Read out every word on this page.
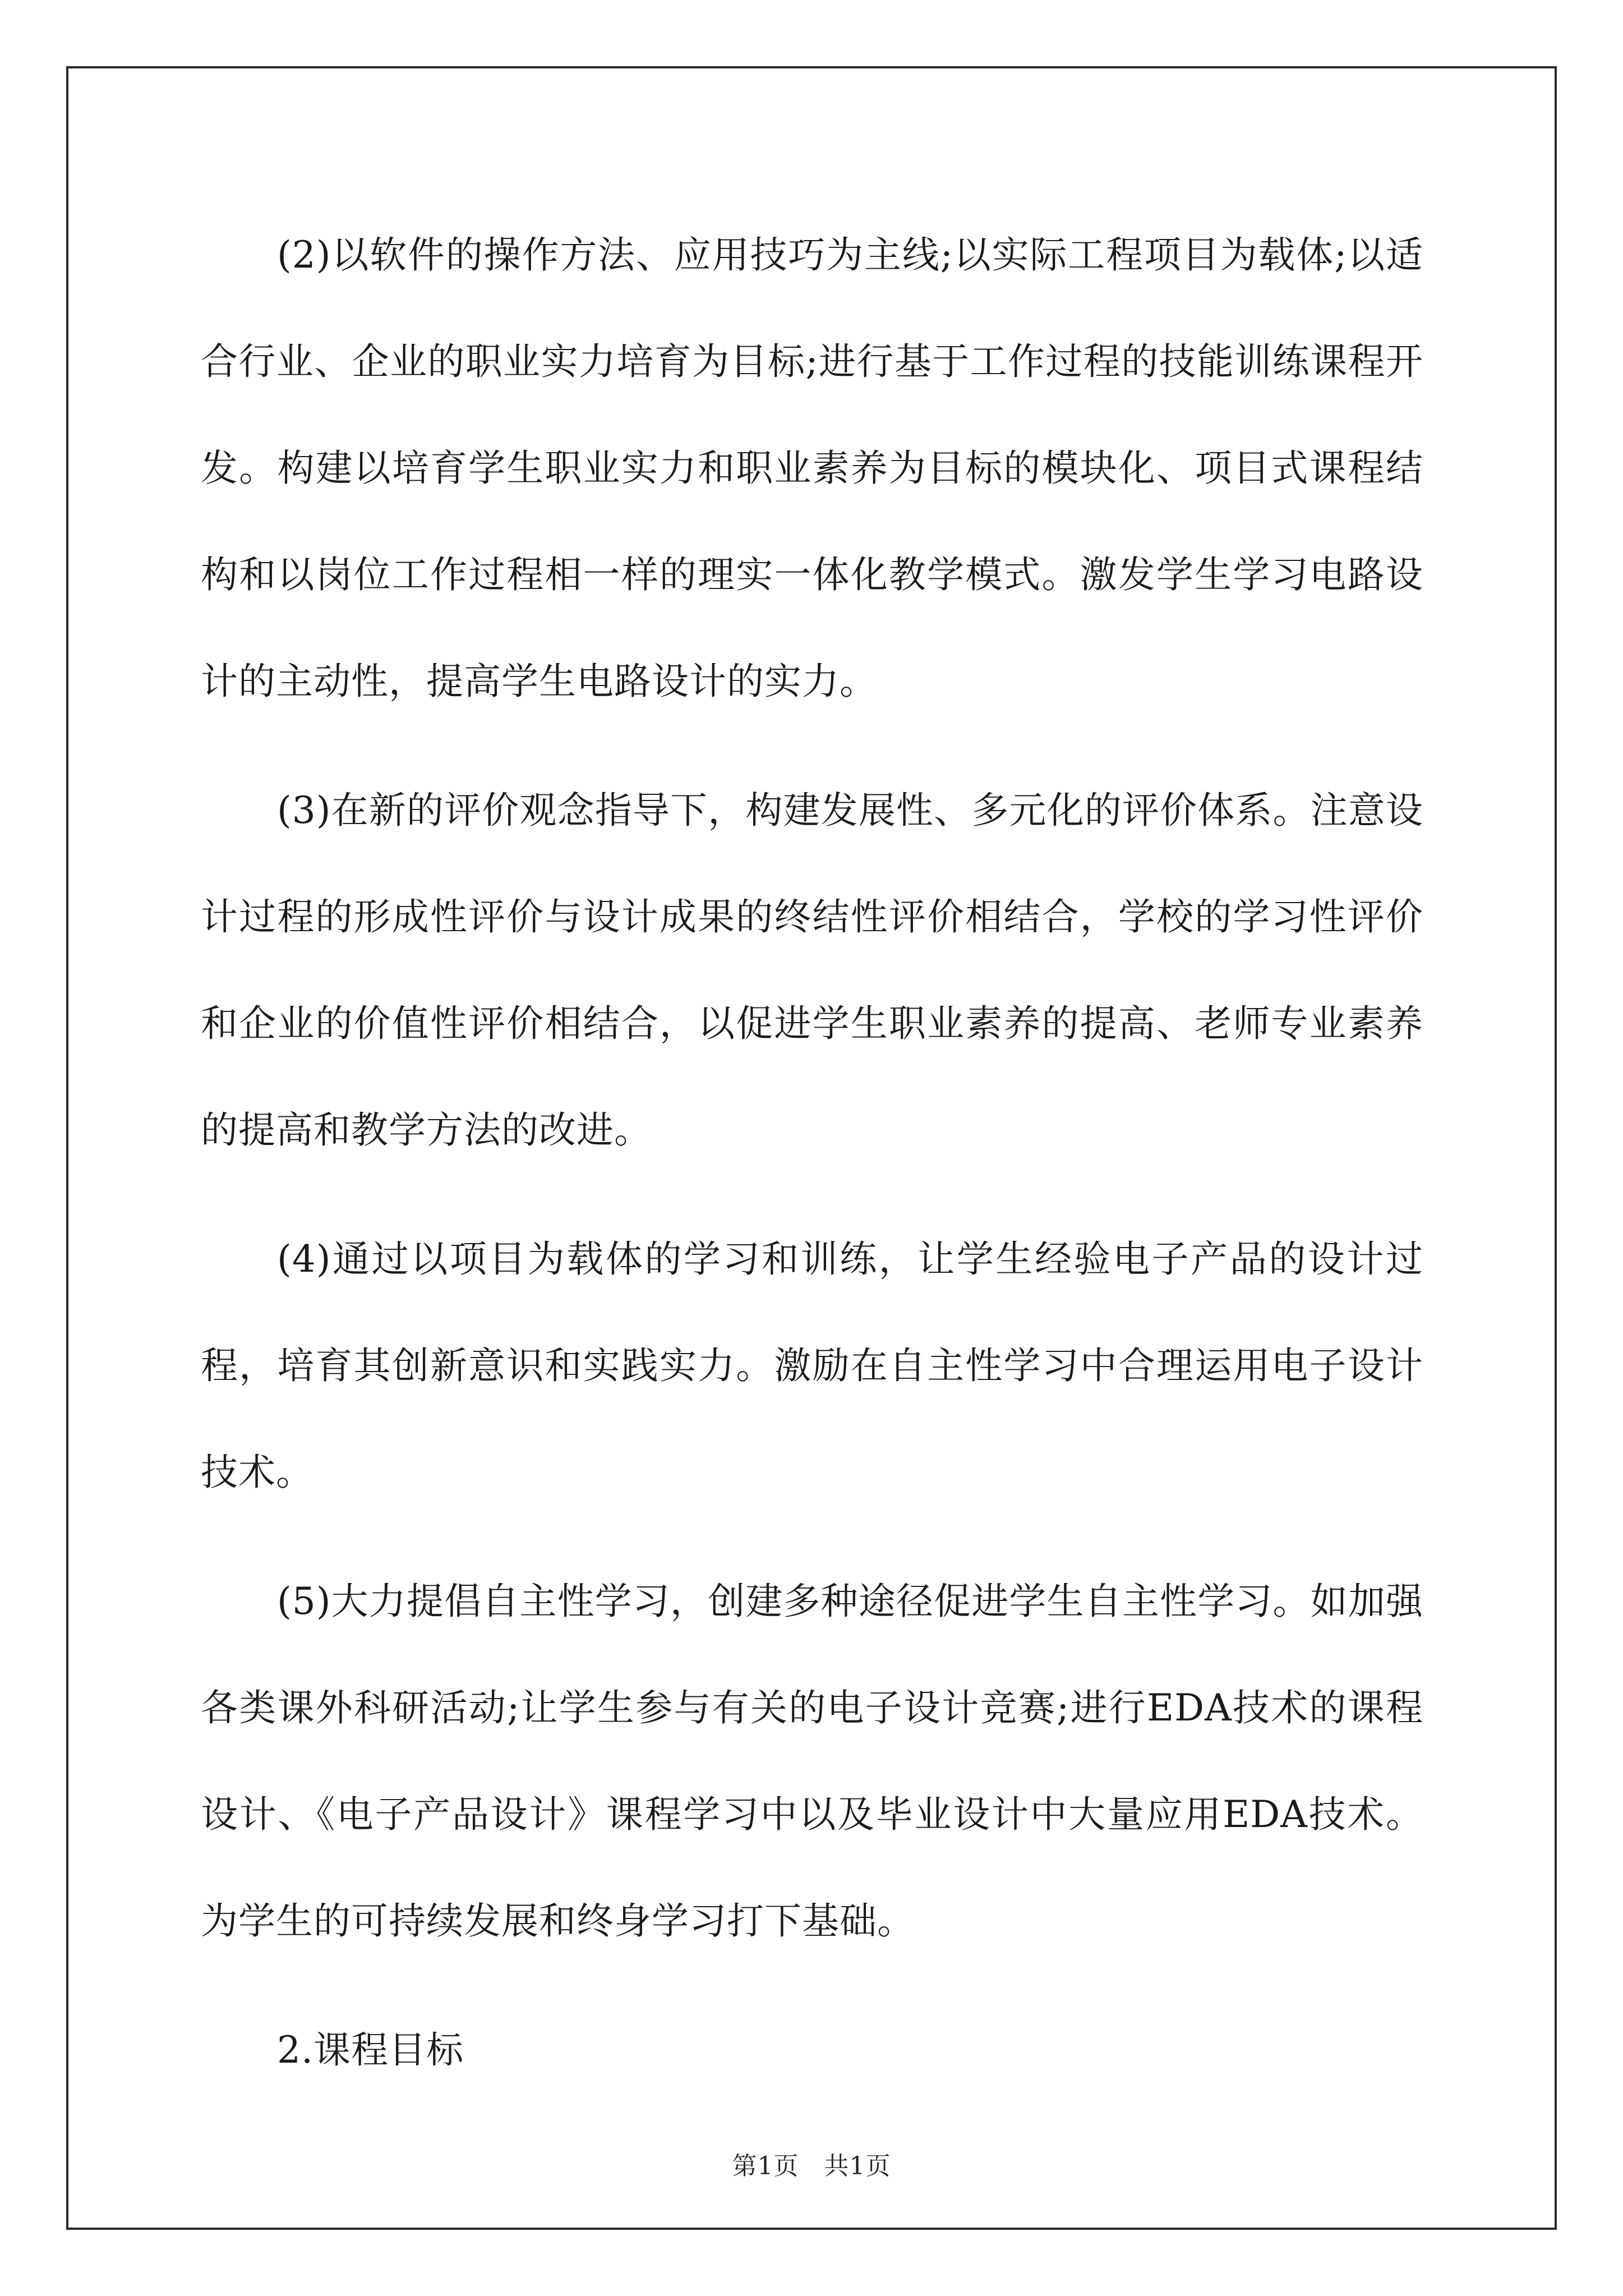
(2)以软件的操作方法、应用技巧为主线;以实际工程项目为载体;以适合行业、企业的职业实力培育为目标;进行基于工作过程的技能训练课程开发。构建以培育学生职业实力和职业素养为目标的模块化、项目式课程结构和以岗位工作过程相一样的理实一体化教学模式。激发学生学习电路设计的主动性，提高学生电路设计的实力。

(3)在新的评价观念指导下，构建发展性、多元化的评价体系。注意设计过程的形成性评价与设计成果的终结性评价相结合，学校的学习性评价和企业的价值性评价相结合，以促进学生职业素养的提高、老师专业素养的提高和教学方法的改进。

(4)通过以项目为载体的学习和训练，让学生经验电子产品的设计过程，培育其创新意识和实践实力。激励在自主性学习中合理运用电子设计技术。

(5)大力提倡自主性学习，创建多种途径促进学生自主性学习。如加强各类课外科研活动;让学生参与有关的电子设计竞赛;进行EDA技术的课程设计、《电子产品设计》课程学习中以及毕业设计中大量应用EDA技术。为学生的可持续发展和终身学习打下基础。

2.课程目标

第1页　共1页
